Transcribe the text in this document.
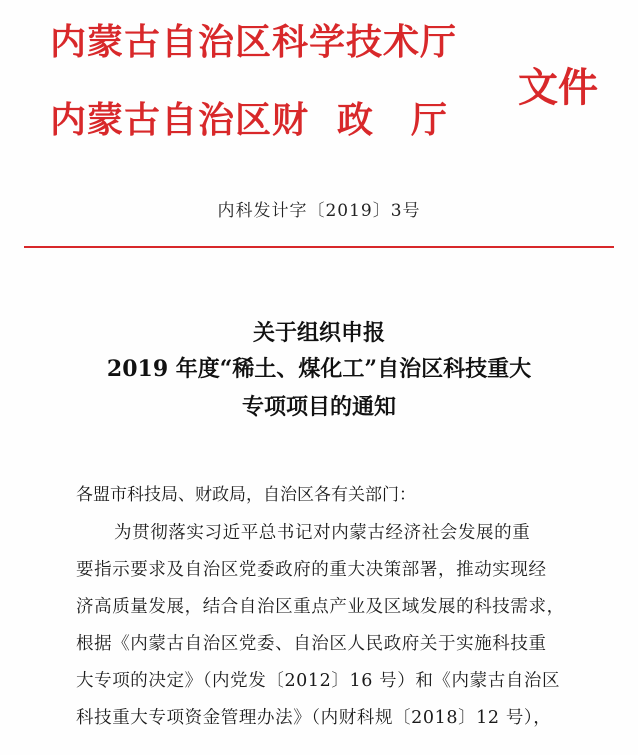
内蒙古自治区科学技术厅
内蒙古自治区财 政　厅
文件
内科发计字〔2019〕3号
关于组织申报
2019 年度“稀土、煤化工”自治区科技重大
专项项目的通知
各盟市科技局、财政局，自治区各有关部门：
为贯彻落实习近平总书记对内蒙古经济社会发展的重
要指示要求及自治区党委政府的重大决策部署，推动实现经
济高质量发展，结合自治区重点产业及区域发展的科技需求，
根据《内蒙古自治区党委、自治区人民政府关于实施科技重
大专项的决定》（内党发〔2012〕16 号）和《内蒙古自治区
科技重大专项资金管理办法》（内财科规〔2018〕12 号），
